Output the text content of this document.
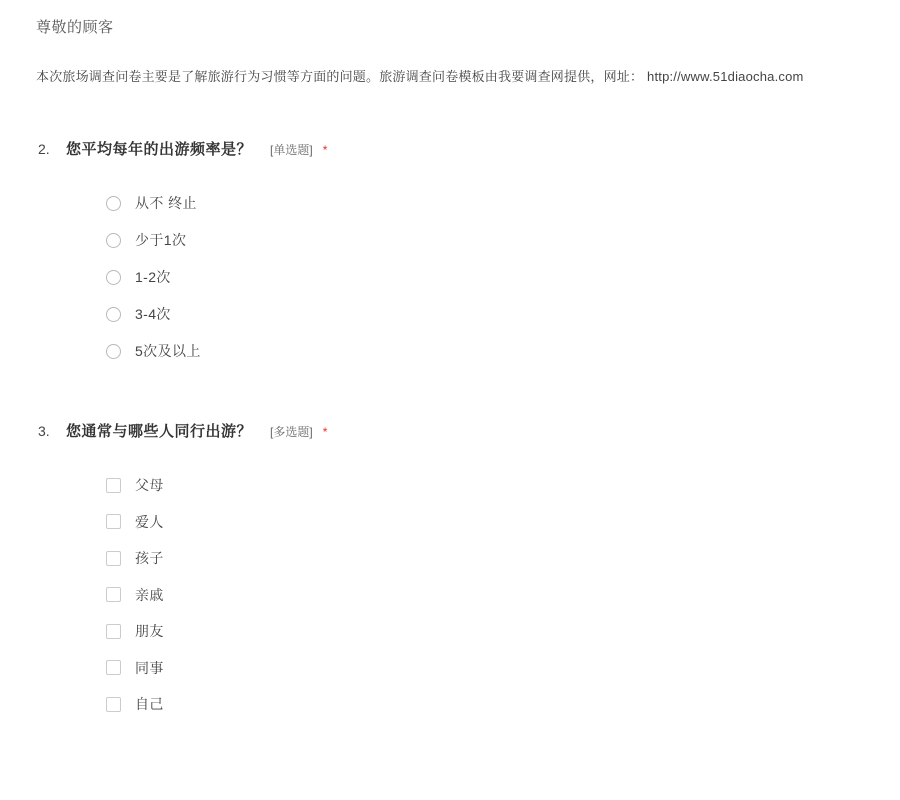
尊敬的顾客

本次旅场调查问卷主要是了解旅游行为习惯等方面的问题。旅游调查问卷模板由我要调查网提供，网址： http://www.51diaocha.com

2.	您平均每年的出游频率是？ [单选题] *
从不 终止
少于1次
1-2次
3-4次
5次及以上
3.	您通常与哪些人同行出游？ [多选题] *
父母
爱人
孩子
亲戚
朋友
同事
自己
